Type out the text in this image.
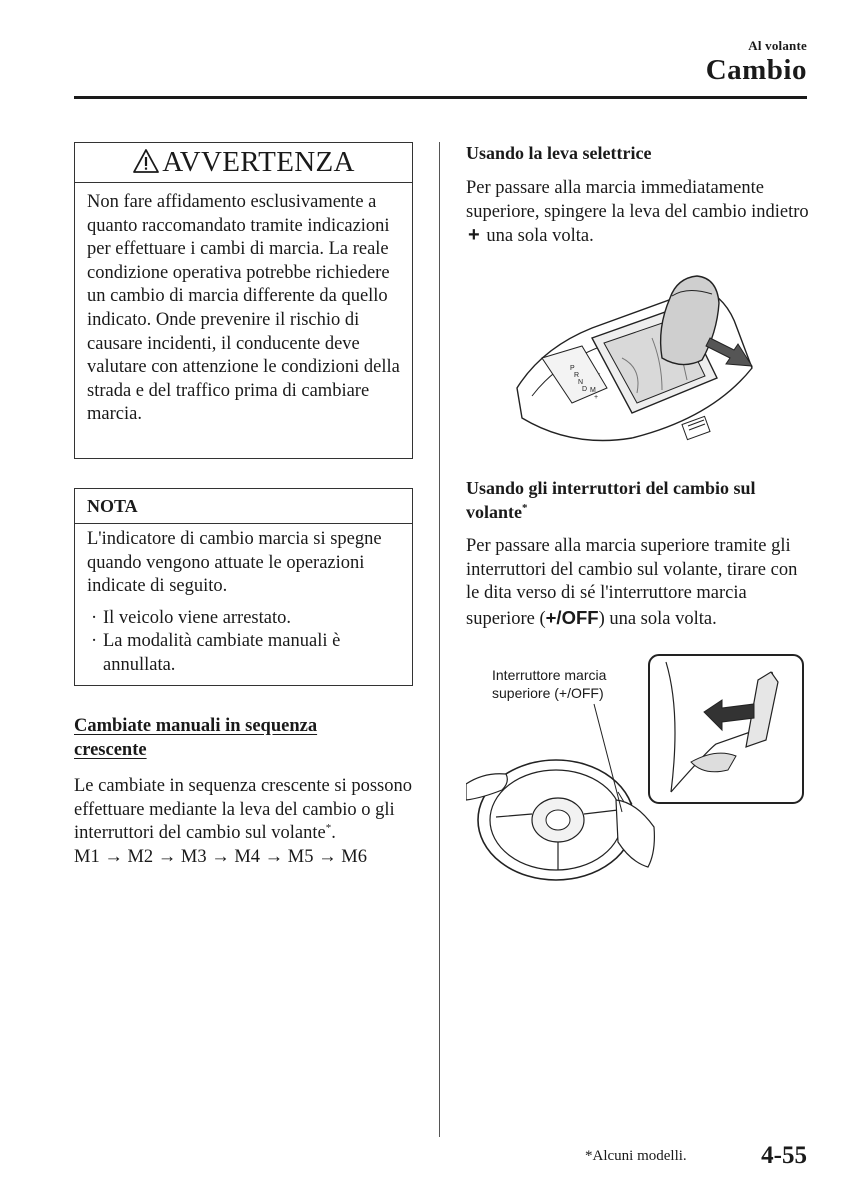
Al volante
Cambio
AVVERTENZA
Non fare affidamento esclusivamente a quanto raccomandato tramite indicazioni per effettuare i cambi di marcia. La reale condizione operativa potrebbe richiedere un cambio di marcia differente da quello indicato. Onde prevenire il rischio di causare incidenti, il conducente deve valutare con attenzione le condizioni della strada e del traffico prima di cambiare marcia.
NOTA
L'indicatore di cambio marcia si spegne quando vengono attuate le operazioni indicate di seguito.
· Il veicolo viene arrestato.
· La modalità cambiate manuali è annullata.
Cambiate manuali in sequenza crescente
Le cambiate in sequenza crescente si possono effettuare mediante la leva del cambio o gli interruttori del cambio sul volante*.
M1 → M2 → M3 → M4 → M5 → M6
Usando la leva selettrice
Per passare alla marcia immediatamente superiore, spingere la leva del cambio indietro + una sola volta.
P
R
N
D M
+
-
Usando gli interruttori del cambio sul volante*
Per passare alla marcia superiore tramite gli interruttori del cambio sul volante, tirare con le dita verso di sé l'interruttore marcia superiore (+/OFF) una sola volta.
Interruttore marcia superiore (+/OFF)
*Alcuni modelli.	4-55
